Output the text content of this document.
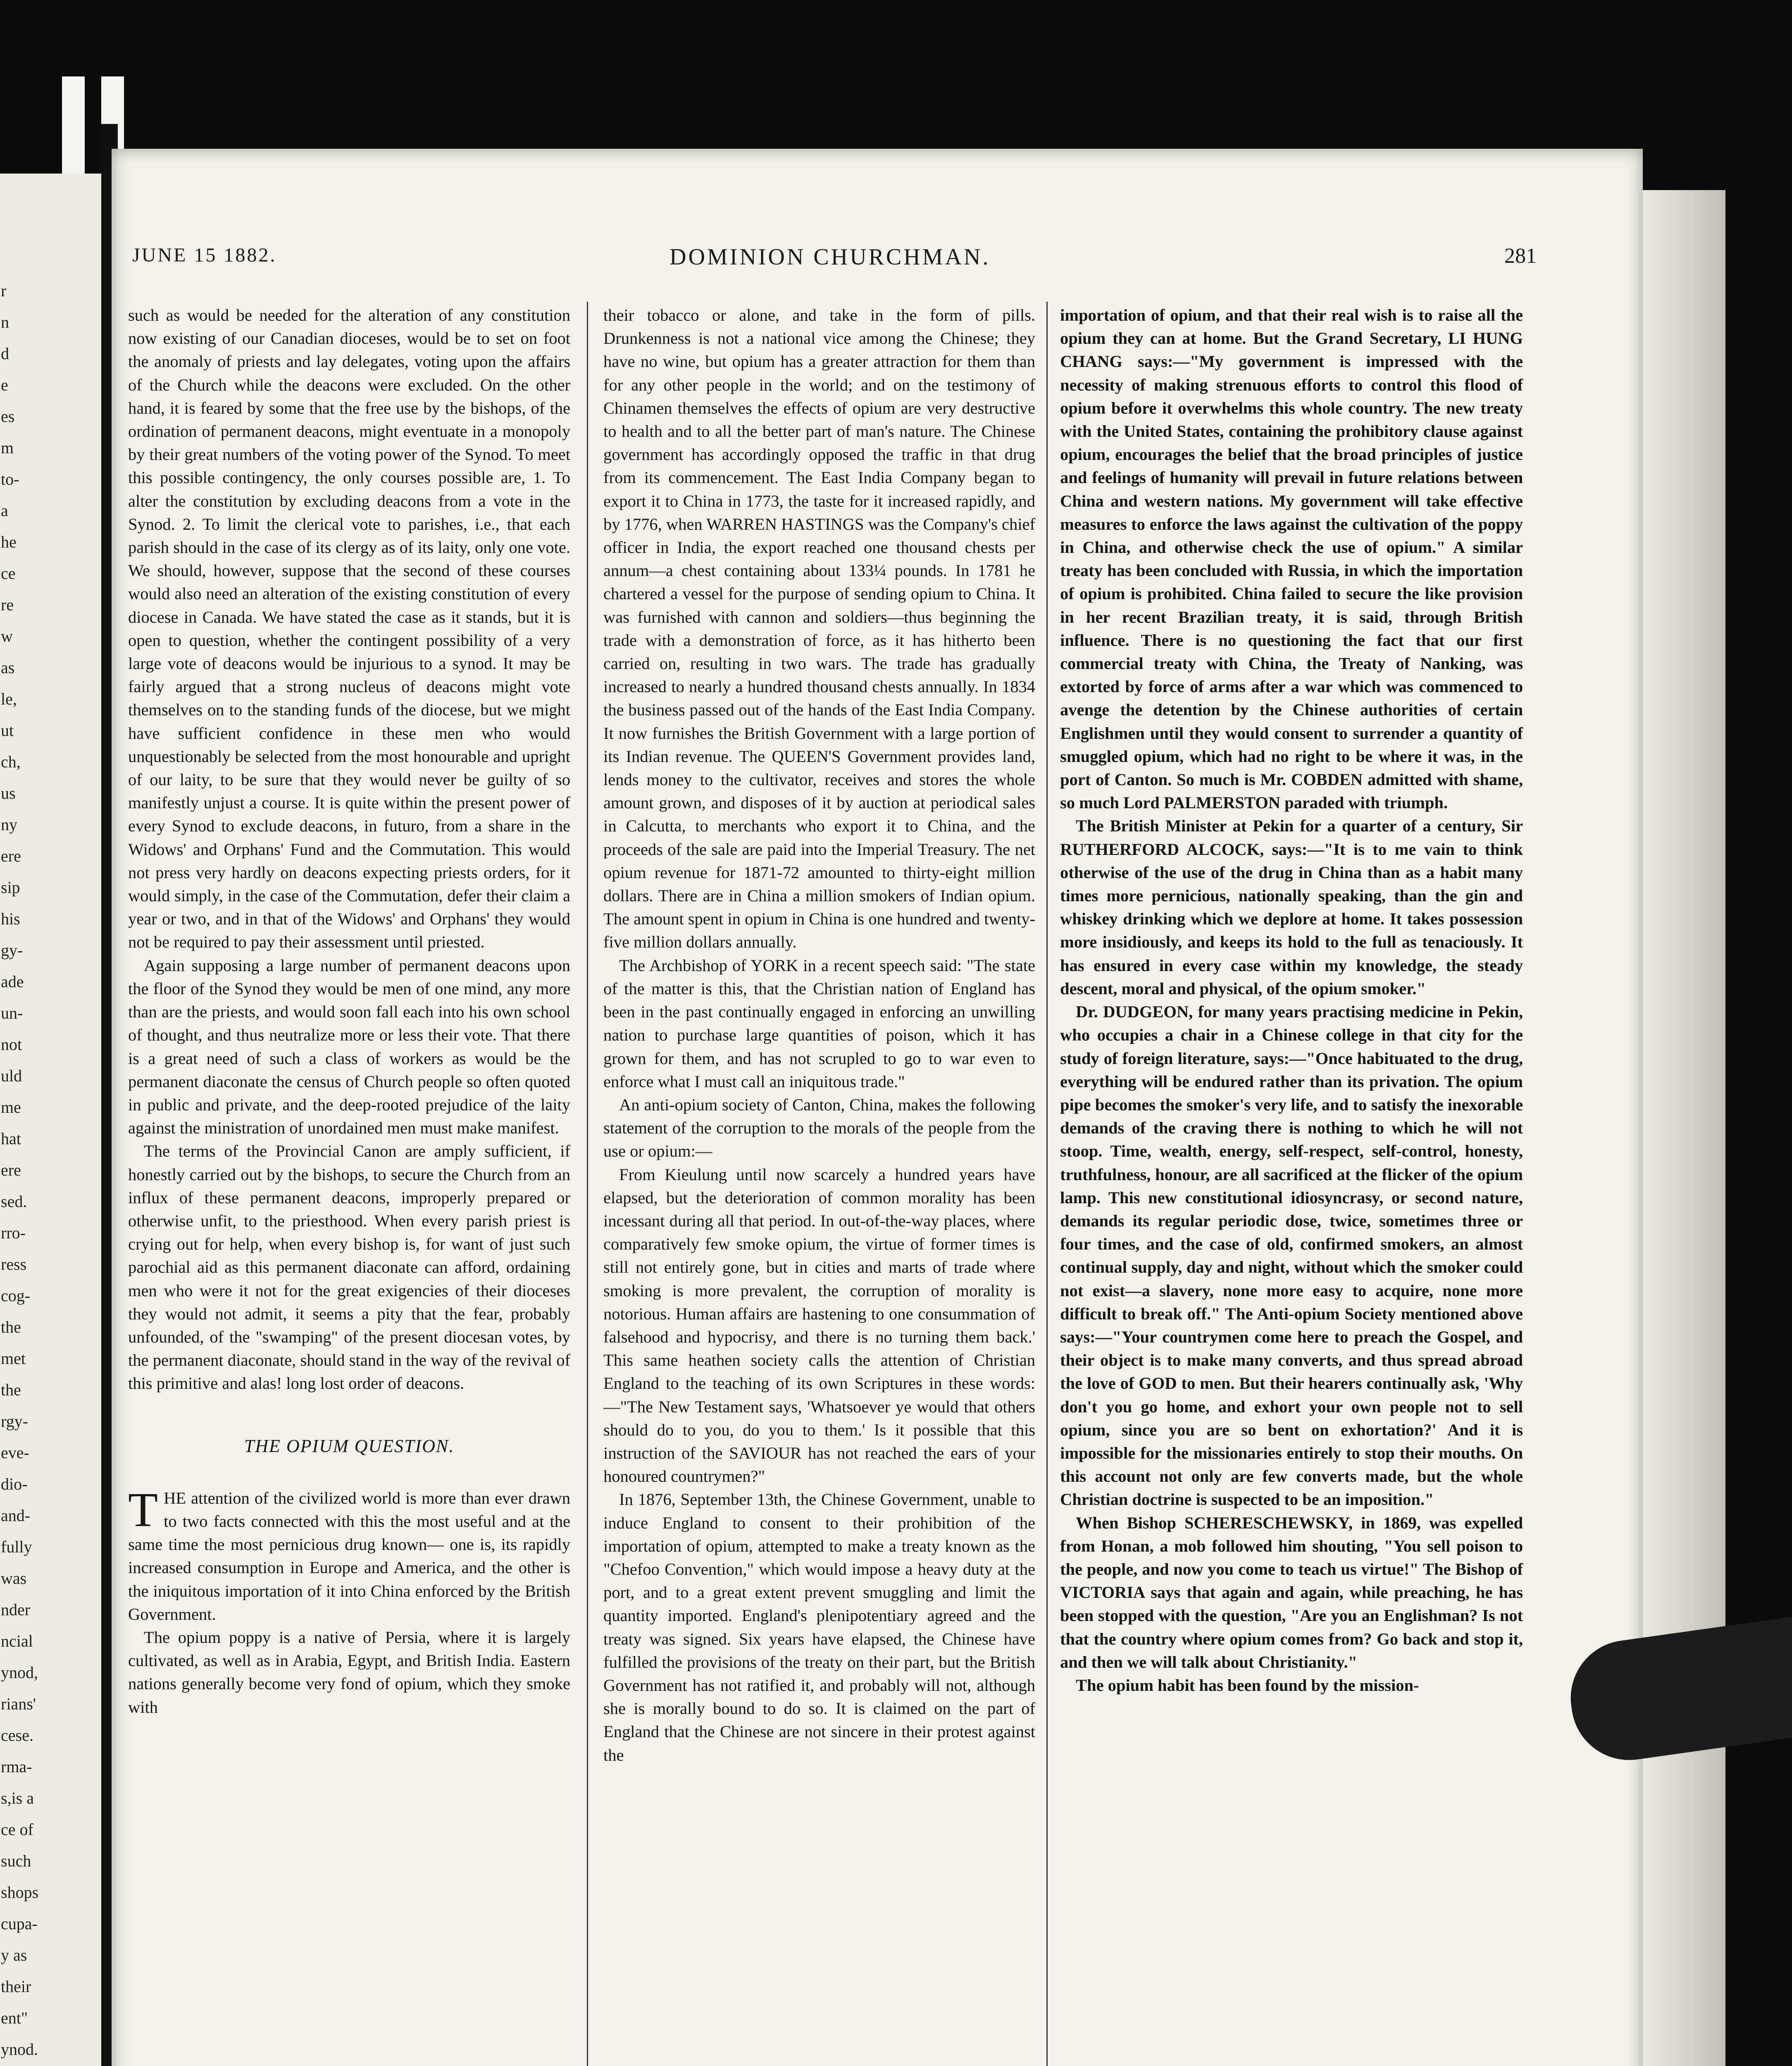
r
n
d
e
es
m
to-
a
he
ce
re
w
as
le,
ut
ch,
us
ny
ere
sip
his
gy-
ade
un-
not
uld
me
hat
ere
sed.
rro-
ress
cog-
the
met
the
rgy-
eve-
dio-
and-
fully
was
nder
ncial
ynod,
rians'
cese.
rma-
s,is a
ce of
such
shops
cupa-
y as
their
ent"
ynod.
JUNE 15 1882.	DOMINION CHURCHMAN.	281

such as would be needed for the alteration of any constitution now existing of our Canadian dioceses, would be to set on foot the anomaly of priests and lay delegates, voting upon the affairs of the Church while the deacons were excluded. On the other hand, it is feared by some that the free use by the bishops, of the ordination of permanent deacons, might eventuate in a monopoly by their great numbers of the voting power of the Synod. To meet this possible contingency, the only courses possible are, 1. To alter the constitution by excluding deacons from a vote in the Synod. 2. To limit the clerical vote to parishes, i.e., that each parish should in the case of its clergy as of its laity, only one vote. We should, however, suppose that the second of these courses would also need an alteration of the existing constitution of every diocese in Canada. We have stated the case as it stands, but it is open to question, whether the contingent possibility of a very large vote of deacons would be injurious to a synod. It may be fairly argued that a strong nucleus of deacons might vote themselves on to the standing funds of the diocese, but we might have sufficient confidence in these men who would unquestionably be selected from the most honourable and upright of our laity, to be sure that they would never be guilty of so manifestly unjust a course. It is quite within the present power of every Synod to exclude deacons, in futuro, from a share in the Widows' and Orphans' Fund and the Commutation. This would not press very hardly on deacons expecting priests orders, for it would simply, in the case of the Commutation, defer their claim a year or two, and in that of the Widows' and Orphans' they would not be required to pay their assessment until priested.

Again supposing a large number of permanent deacons upon the floor of the Synod they would be men of one mind, any more than are the priests, and would soon fall each into his own school of thought, and thus neutralize more or less their vote. That there is a great need of such a class of workers as would be the permanent diaconate the census of Church people so often quoted in public and private, and the deep-rooted prejudice of the laity against the ministration of unordained men must make manifest.

The terms of the Provincial Canon are amply sufficient, if honestly carried out by the bishops, to secure the Church from an influx of these permanent deacons, improperly prepared or otherwise unfit, to the priesthood. When every parish priest is crying out for help, when every bishop is, for want of just such parochial aid as this permanent diaconate can afford, ordaining men who were it not for the great exigencies of their dioceses they would not admit, it seems a pity that the fear, probably unfounded, of the "swamping" of the present diocesan votes, by the permanent diaconate, should stand in the way of the revival of this primitive and alas! long lost order of deacons.

THE OPIUM QUESTION.

THE attention of the civilized world is more than ever drawn to two facts connected with this the most useful and at the same time the most pernicious drug known— one is, its rapidly increased consumption in Europe and America, and the other is the iniquitous importation of it into China enforced by the British Government.

The opium poppy is a native of Persia, where it is largely cultivated, as well as in Arabia, Egypt, and British India. Eastern nations generally become very fond of opium, which they smoke with

their tobacco or alone, and take in the form of pills. Drunkenness is not a national vice among the Chinese; they have no wine, but opium has a greater attraction for them than for any other people in the world; and on the testimony of Chinamen themselves the effects of opium are very destructive to health and to all the better part of man's nature. The Chinese government has accordingly opposed the traffic in that drug from its commencement. The East India Company began to export it to China in 1773, the taste for it increased rapidly, and by 1776, when WARREN HASTINGS was the Company's chief officer in India, the export reached one thousand chests per annum—a chest containing about 133¼ pounds. In 1781 he chartered a vessel for the purpose of sending opium to China. It was furnished with cannon and soldiers—thus beginning the trade with a demonstration of force, as it has hitherto been carried on, resulting in two wars. The trade has gradually increased to nearly a hundred thousand chests annually. In 1834 the business passed out of the hands of the East India Company. It now furnishes the British Government with a large portion of its Indian revenue. The QUEEN'S Government provides land, lends money to the cultivator, receives and stores the whole amount grown, and disposes of it by auction at periodical sales in Calcutta, to merchants who export it to China, and the proceeds of the sale are paid into the Imperial Treasury. The net opium revenue for 1871-72 amounted to thirty-eight million dollars. There are in China a million smokers of Indian opium. The amount spent in opium in China is one hundred and twenty-five million dollars annually.

The Archbishop of YORK in a recent speech said: "The state of the matter is this, that the Christian nation of England has been in the past continually engaged in enforcing an unwilling nation to purchase large quantities of poison, which it has grown for them, and has not scrupled to go to war even to enforce what I must call an iniquitous trade."

An anti-opium society of Canton, China, makes the following statement of the corruption to the morals of the people from the use or opium:—

From Kieulung until now scarcely a hundred years have elapsed, but the deterioration of common morality has been incessant during all that period. In out-of-the-way places, where comparatively few smoke opium, the virtue of former times is still not entirely gone, but in cities and marts of trade where smoking is more prevalent, the corruption of morality is notorious. Human affairs are hastening to one consummation of falsehood and hypocrisy, and there is no turning them back.' This same heathen society calls the attention of Christian England to the teaching of its own Scriptures in these words:—"The New Testament says, 'Whatsoever ye would that others should do to you, do you to them.' Is it possible that this instruction of the SAVIOUR has not reached the ears of your honoured countrymen?"

In 1876, September 13th, the Chinese Government, unable to induce England to consent to their prohibition of the importation of opium, attempted to make a treaty known as the "Chefoo Convention," which would impose a heavy duty at the port, and to a great extent prevent smuggling and limit the quantity imported. England's plenipotentiary agreed and the treaty was signed. Six years have elapsed, the Chinese have fulfilled the provisions of the treaty on their part, but the British Government has not ratified it, and probably will not, although she is morally bound to do so. It is claimed on the part of England that the Chinese are not sincere in their protest against the

importation of opium, and that their real wish is to raise all the opium they can at home. But the Grand Secretary, LI HUNG CHANG says:—"My government is impressed with the necessity of making strenuous efforts to control this flood of opium before it overwhelms this whole country. The new treaty with the United States, containing the prohibitory clause against opium, encourages the belief that the broad principles of justice and feelings of humanity will prevail in future relations between China and western nations. My government will take effective measures to enforce the laws against the cultivation of the poppy in China, and otherwise check the use of opium." A similar treaty has been concluded with Russia, in which the importation of opium is prohibited. China failed to secure the like provision in her recent Brazilian treaty, it is said, through British influence. There is no questioning the fact that our first commercial treaty with China, the Treaty of Nanking, was extorted by force of arms after a war which was commenced to avenge the detention by the Chinese authorities of certain Englishmen until they would consent to surrender a quantity of smuggled opium, which had no right to be where it was, in the port of Canton. So much is Mr. COBDEN admitted with shame, so much Lord PALMERSTON paraded with triumph.

The British Minister at Pekin for a quarter of a century, Sir RUTHERFORD ALCOCK, says:—"It is to me vain to think otherwise of the use of the drug in China than as a habit many times more pernicious, nationally speaking, than the gin and whiskey drinking which we deplore at home. It takes possession more insidiously, and keeps its hold to the full as tenaciously. It has ensured in every case within my knowledge, the steady descent, moral and physical, of the opium smoker."

Dr. DUDGEON, for many years practising medicine in Pekin, who occupies a chair in a Chinese college in that city for the study of foreign literature, says:—"Once habituated to the drug, everything will be endured rather than its privation. The opium pipe becomes the smoker's very life, and to satisfy the inexorable demands of the craving there is nothing to which he will not stoop. Time, wealth, energy, self-respect, self-control, honesty, truthfulness, honour, are all sacrificed at the flicker of the opium lamp. This new constitutional idiosyncrasy, or second nature, demands its regular periodic dose, twice, sometimes three or four times, and the case of old, confirmed smokers, an almost continual supply, day and night, without which the smoker could not exist—a slavery, none more easy to acquire, none more difficult to break off." The Anti-opium Society mentioned above says:—"Your countrymen come here to preach the Gospel, and their object is to make many converts, and thus spread abroad the love of GOD to men. But their hearers continually ask, 'Why don't you go home, and exhort your own people not to sell opium, since you are so bent on exhortation?' And it is impossible for the missionaries entirely to stop their mouths. On this account not only are few converts made, but the whole Christian doctrine is suspected to be an imposition."

When Bishop SCHERESCHEWSKY, in 1869, was expelled from Honan, a mob followed him shouting, "You sell poison to the people, and now you come to teach us virtue!" The Bishop of VICTORIA says that again and again, while preaching, he has been stopped with the question, "Are you an Englishman? Is not that the country where opium comes from? Go back and stop it, and then we will talk about Christianity."

The opium habit has been found by the mission-
